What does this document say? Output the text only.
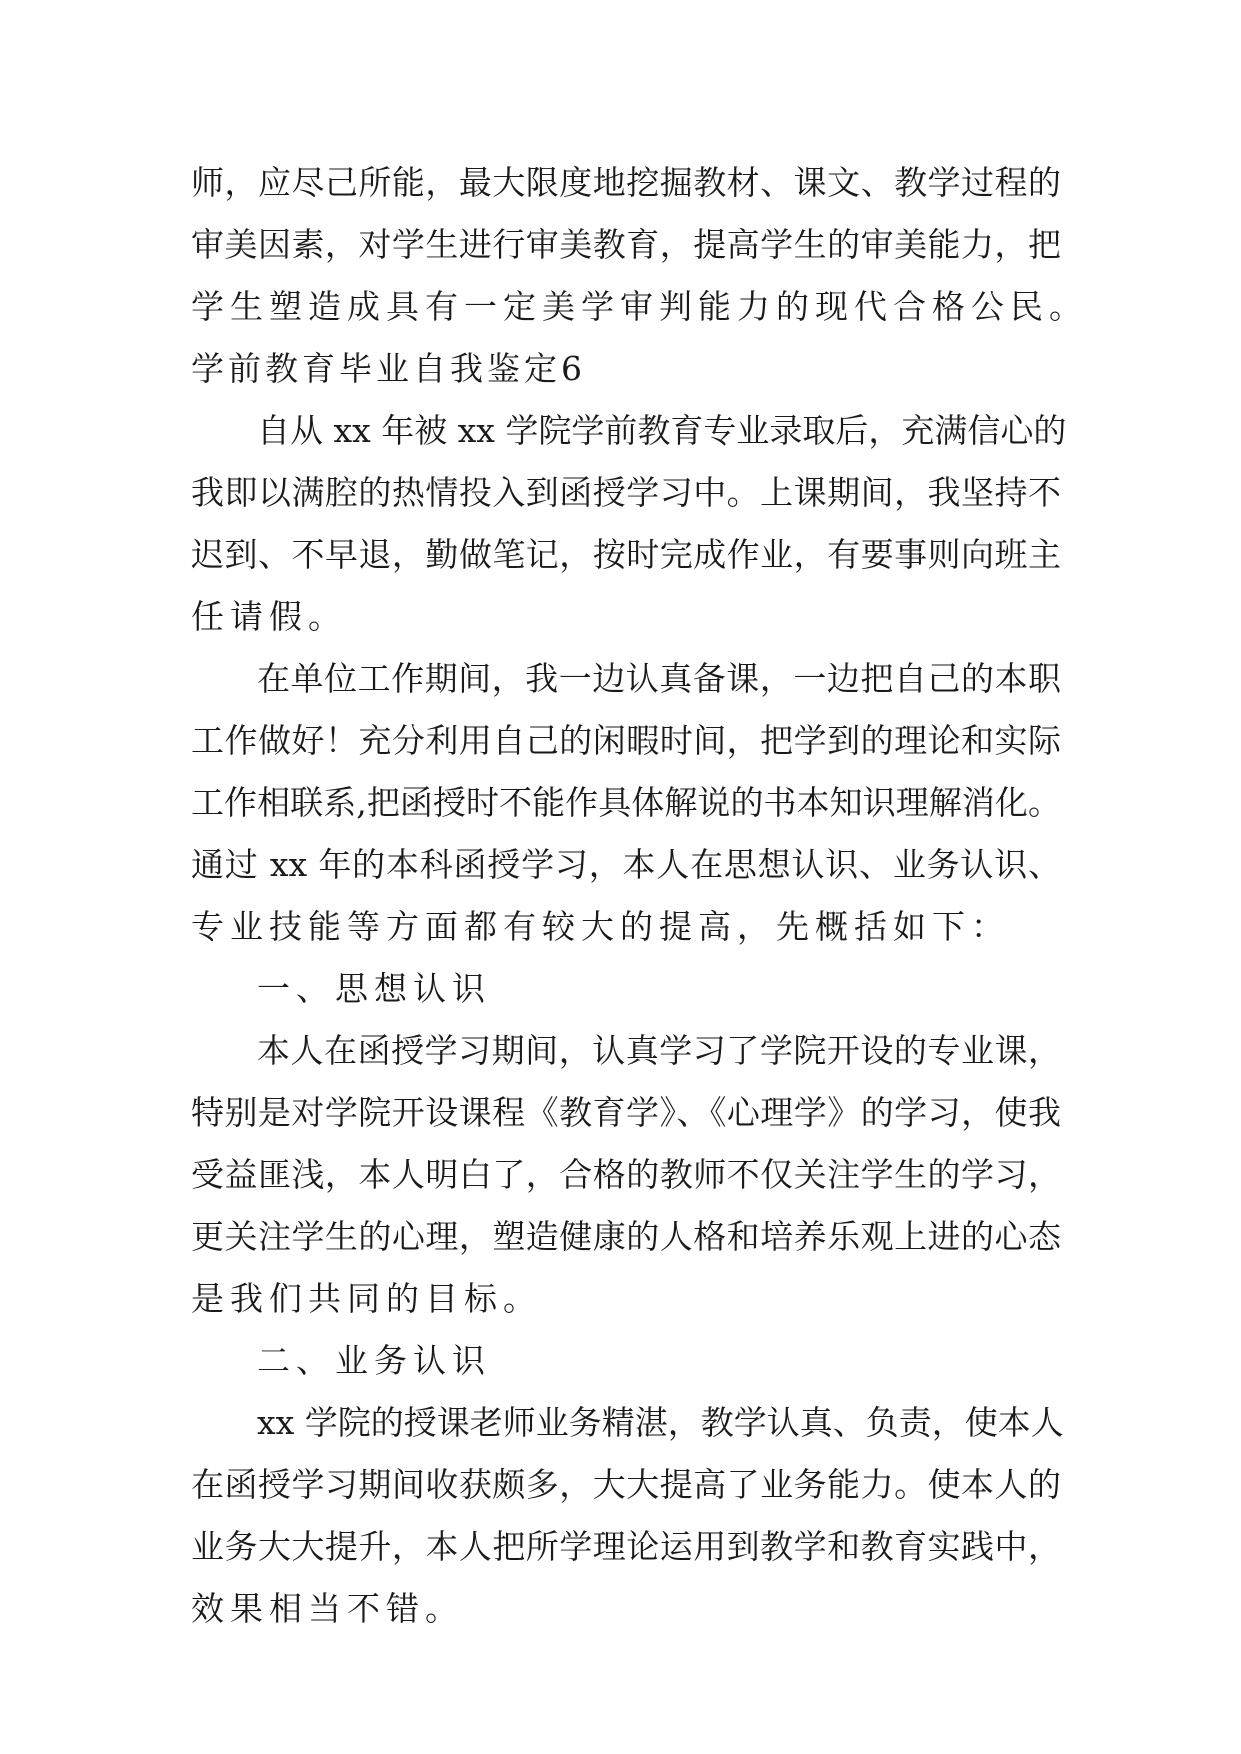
师，应尽己所能，最大限度地挖掘教材、课文、教学过程的

审美因素，对学生进行审美教育，提高学生的审美能力，把

学生塑造成具有一定美学审判能力的现代合格公民。

学前教育毕业自我鉴定6

自从 xx 年被 xx 学院学前教育专业录取后，充满信心的

我即以满腔的热情投入到函授学习中。上课期间，我坚持不

迟到、不早退，勤做笔记，按时完成作业，有要事则向班主

任请假。

在单位工作期间，我一边认真备课，一边把自己的本职

工作做好！充分利用自己的闲暇时间，把学到的理论和实际

工作相联系,把函授时不能作具体解说的书本知识理解消化。

通过 xx 年的本科函授学习，本人在思想认识、业务认识、

专业技能等方面都有较大的提高，先概括如下：

一、思想认识

本人在函授学习期间，认真学习了学院开设的专业课，

特别是对学院开设课程《教育学》、《心理学》的学习，使我

受益匪浅，本人明白了，合格的教师不仅关注学生的学习，

更关注学生的心理，塑造健康的人格和培养乐观上进的心态

是我们共同的目标。

二、业务认识

xx 学院的授课老师业务精湛，教学认真、负责，使本人

在函授学习期间收获颇多，大大提高了业务能力。使本人的

业务大大提升，本人把所学理论运用到教学和教育实践中，

效果相当不错。
